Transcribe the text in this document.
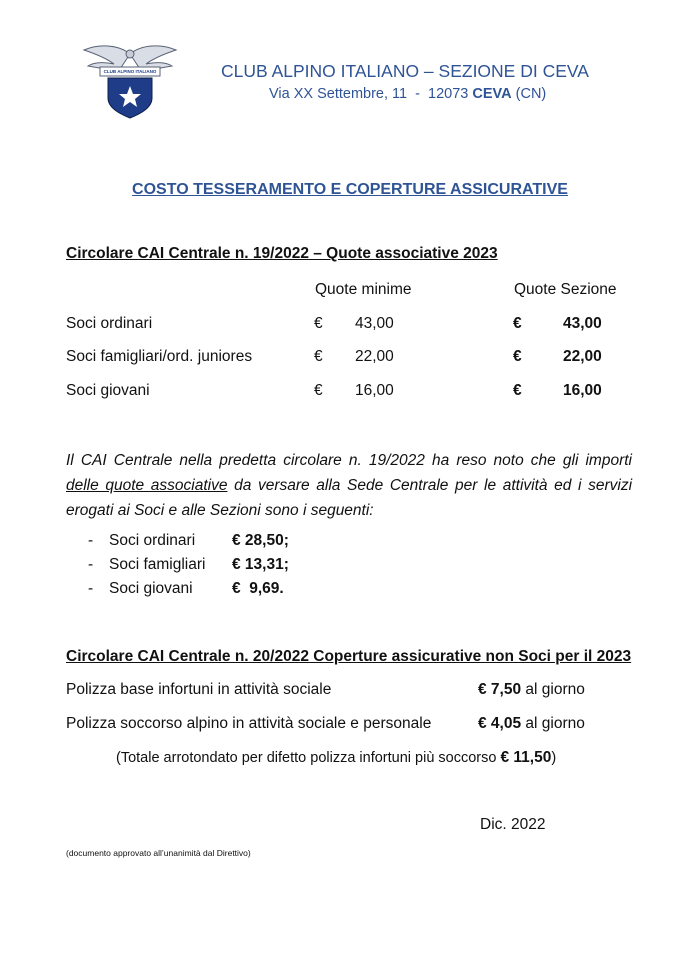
CLUB ALPINO ITALIANO	CLUB ALPINO ITALIANO – SEZIONE DI CEVA
Via XX Settembre, 11  -  12073 CEVA (CN)
COSTO TESSERAMENTO E COPERTURE ASSICURATIVE
Circolare CAI Centrale n. 19/2022 – Quote associative 2023
Quote minime	Quote Sezione
Soci ordinari	€ 43,00	€	43,00
Soci famigliari/ord. juniores	€ 22,00	€	22,00
Soci giovani	€ 16,00	€	16,00
Il CAI Centrale nella predetta circolare n. 19/2022 ha reso noto che gli importi delle quote associative da versare alla Sede Centrale per le attività ed i servizi erogati ai Soci e alle Sezioni sono i seguenti:
- Soci ordinari € 28,50;
- Soci famigliari € 13,31;
- Soci giovani	€  9,69.
Circolare CAI Centrale n. 20/2022 Coperture assicurative non Soci per il 2023
Polizza base infortuni in attività sociale	€ 7,50 al giorno
Polizza soccorso alpino in attività sociale e personale	€ 4,05 al giorno
(Totale arrotondato per difetto polizza infortuni più soccorso € 11,50)
Dic. 2022
(documento approvato all’unanimità dal Direttivo)
